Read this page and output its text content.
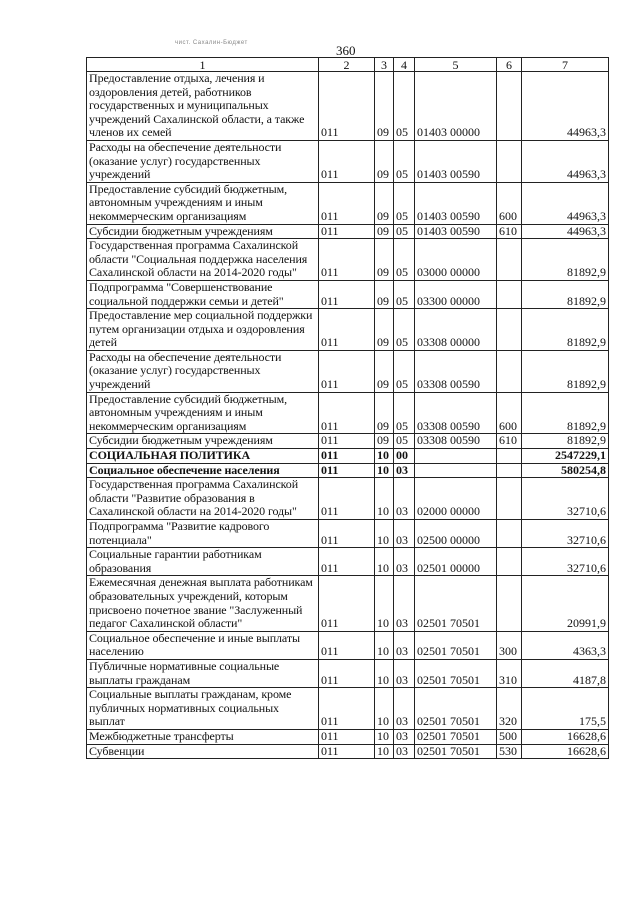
чист. Сахалин-Бюджет	360
1	2	3	4	5	6	7
Предоставление отдыха, лечения и оздоровления детей, работников государственных и муниципальных учреждений Сахалинской области, а также членов их семей	011	09	05	01403 00000		44963,3
Расходы на обеспечение деятельности (оказание услуг) государственных учреждений	011	09	05	01403 00590		44963,3
Предоставление субсидий бюджетным, автономным учреждениям и иным некоммерческим организациям	011	09	05	01403 00590	600	44963,3
Субсидии бюджетным учреждениям	011	09	05	01403 00590	610	44963,3
Государственная программа Сахалинской области "Социальная поддержка населения Сахалинской области на 2014-2020 годы"	011	09	05	03000 00000		81892,9
Подпрограмма "Совершенствование социальной поддержки семьи и детей"	011	09	05	03300 00000		81892,9
Предоставление мер социальной поддержки путем организации отдыха и оздоровления детей	011	09	05	03308 00000		81892,9
Расходы на обеспечение деятельности (оказание услуг) государственных учреждений	011	09	05	03308 00590		81892,9
Предоставление субсидий бюджетным, автономным учреждениям и иным некоммерческим организациям	011	09	05	03308 00590	600	81892,9
Субсидии бюджетным учреждениям	011	09	05	03308 00590	610	81892,9
СОЦИАЛЬНАЯ ПОЛИТИКА	011	10	00			2547229,1
Социальное обеспечение населения	011	10	03			580254,8
Государственная программа Сахалинской области "Развитие образования в Сахалинской области на 2014-2020 годы"	011	10	03	02000 00000		32710,6
Подпрограмма "Развитие кадрового потенциала"	011	10	03	02500 00000		32710,6
Социальные гарантии работникам образования	011	10	03	02501 00000		32710,6
Ежемесячная денежная выплата работникам образовательных учреждений, которым присвоено почетное звание "Заслуженный педагог Сахалинской области"	011	10	03	02501 70501		20991,9
Социальное обеспечение и иные выплаты населению	011	10	03	02501 70501	300	4363,3
Публичные нормативные социальные выплаты гражданам	011	10	03	02501 70501	310	4187,8
Социальные выплаты гражданам, кроме публичных нормативных социальных выплат	011	10	03	02501 70501	320	175,5
Межбюджетные трансферты	011	10	03	02501 70501	500	16628,6
Субвенции	011	10	03	02501 70501	530	16628,6
